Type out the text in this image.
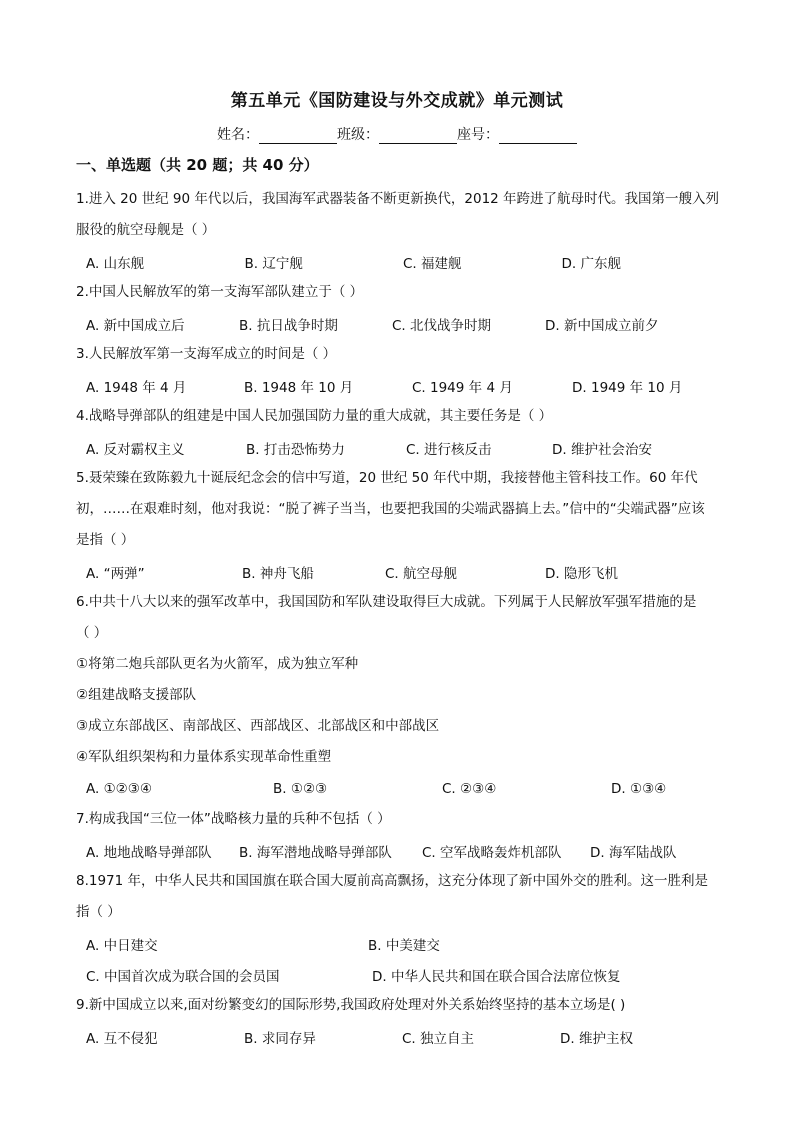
第五单元《国防建设与外交成就》单元测试
姓名：	班级：	座号：
一、单选题（共 20 题；共 40 分）

1.进入 20 世纪 90 年代以后，我国海军武器装备不断更新换代，2012 年跨进了航母时代。我国第一艘入列

服役的航空母舰是（ ）

A. 山东舰	B. 辽宁舰	C. 福建舰	D. 广东舰

2.中国人民解放军的第一支海军部队建立于（ ）

A. 新中国成立后	B. 抗日战争时期	C. 北伐战争时期	D. 新中国成立前夕

3.人民解放军第一支海军成立的时间是（ ）

A. 1948 年 4 月	B. 1948 年 10 月	C. 1949 年 4 月	D. 1949 年 10 月

4.战略导弹部队的组建是中国人民加强国防力量的重大成就，其主要任务是（ ）

A. 反对霸权主义	B. 打击恐怖势力	C. 进行核反击	D. 维护社会治安

5.聂荣臻在致陈毅九十诞辰纪念会的信中写道，20 世纪 50 年代中期，我接替他主管科技工作。60 年代

初，……在艰难时刻，他对我说：“脱了裤子当当，也要把我国的尖端武器搞上去。”信中的“尖端武器”应该

是指（ ）

A. “两弹”	B. 神舟飞船	C. 航空母舰	D. 隐形飞机

6.中共十八大以来的强军改革中，我国国防和军队建设取得巨大成就。下列属于人民解放军强军措施的是

（ ）

①将第二炮兵部队更名为火箭军，成为独立军种
②组建战略支援部队
③成立东部战区、南部战区、西部战区、北部战区和中部战区
④军队组织架构和力量体系实现革命性重塑
A. ①②③④	B. ①②③	C. ②③④	D. ①③④

7.构成我国“三位一体”战略核力量的兵种不包括（ ）

A. 地地战略导弹部队	B. 海军潜地战略导弹部队	C. 空军战略轰炸机部队	D. 海军陆战队

8.1971 年，中华人民共和国国旗在联合国大厦前高高飘扬，这充分体现了新中国外交的胜利。这一胜利是

指（ ）

A. 中日建交	B. 中美建交
C. 中国首次成为联合国的会员国	D. 中华人民共和国在联合国合法席位恢复

9.新中国成立以来,面对纷繁变幻的国际形势,我国政府处理对外关系始终坚持的基本立场是( )

A. 互不侵犯	B. 求同存异	C. 独立自主	D. 维护主权
